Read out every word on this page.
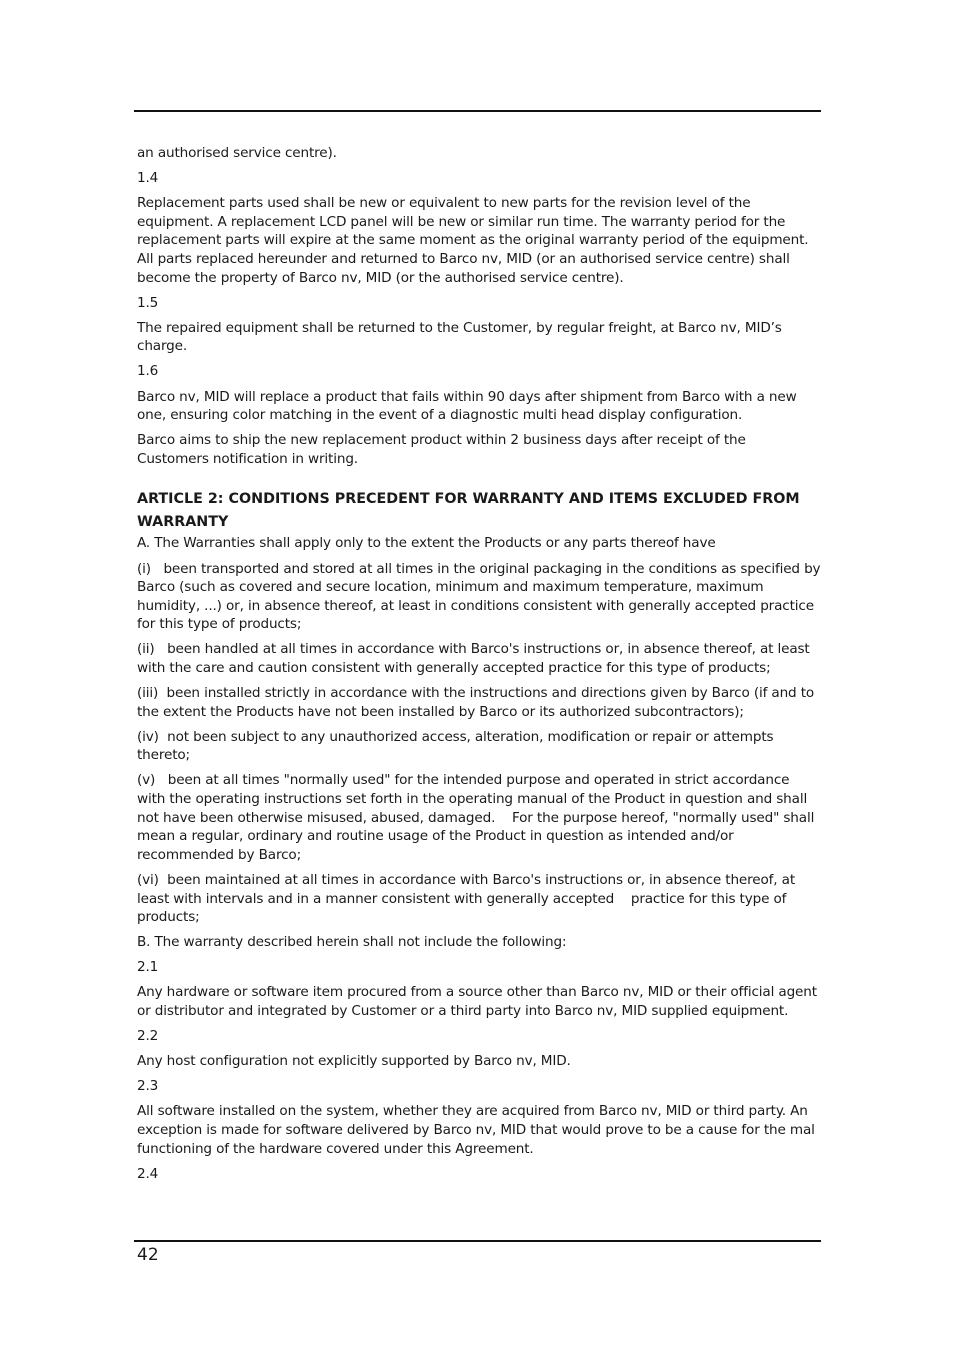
an authorised service centre).

1.4

Replacement parts used shall be new or equivalent to new parts for the revision level of the equipment. A replacement LCD panel will be new or similar run time. The warranty period for the replacement parts will expire at the same moment as the original warranty period of the equipment. All parts replaced hereunder and returned to Barco nv, MID (or an authorised service centre) shall become the property of Barco nv, MID (or the authorised service centre).

1.5

The repaired equipment shall be returned to the Customer, by regular freight, at Barco nv, MID’s charge.

1.6

Barco nv, MID will replace a product that fails within 90 days after shipment from Barco with a new one, ensuring color matching in the event of a diagnostic multi head display configuration.

Barco aims to ship the new replacement product within 2 business days after receipt of the Customers notification in writing.

ARTICLE 2: CONDITIONS PRECEDENT FOR WARRANTY AND ITEMS EXCLUDED FROM WARRANTY

A. The Warranties shall apply only to the extent the Products or any parts thereof have

(i)   been transported and stored at all times in the original packaging in the conditions as specified by Barco (such as covered and secure location, minimum and maximum temperature, maximum humidity, ...) or, in absence thereof, at least in conditions consistent with generally accepted practice for this type of products;

(ii)   been handled at all times in accordance with Barco's instructions or, in absence thereof, at least with the care and caution consistent with generally accepted practice for this type of products;

(iii)  been installed strictly in accordance with the instructions and directions given by Barco (if and to the extent the Products have not been installed by Barco or its authorized subcontractors);

(iv)  not been subject to any unauthorized access, alteration, modification or repair or attempts thereto;

(v)   been at all times "normally used" for the intended purpose and operated in strict accordance with the operating instructions set forth in the operating manual of the Product in question and shall not have been otherwise misused, abused, damaged.    For the purpose hereof, "normally used" shall mean a regular, ordinary and routine usage of the Product in question as intended and/or recommended by Barco;

(vi)  been maintained at all times in accordance with Barco's instructions or, in absence thereof, at least with intervals and in a manner consistent with generally accepted    practice for this type of products;

B. The warranty described herein shall not include the following:

2.1

Any hardware or software item procured from a source other than Barco nv, MID or their official agent or distributor and integrated by Customer or a third party into Barco nv, MID supplied equipment.

2.2

Any host configuration not explicitly supported by Barco nv, MID.

2.3

All software installed on the system, whether they are acquired from Barco nv, MID or third party. An exception is made for software delivered by Barco nv, MID that would prove to be a cause for the mal functioning of the hardware covered under this Agreement.

2.4

42
